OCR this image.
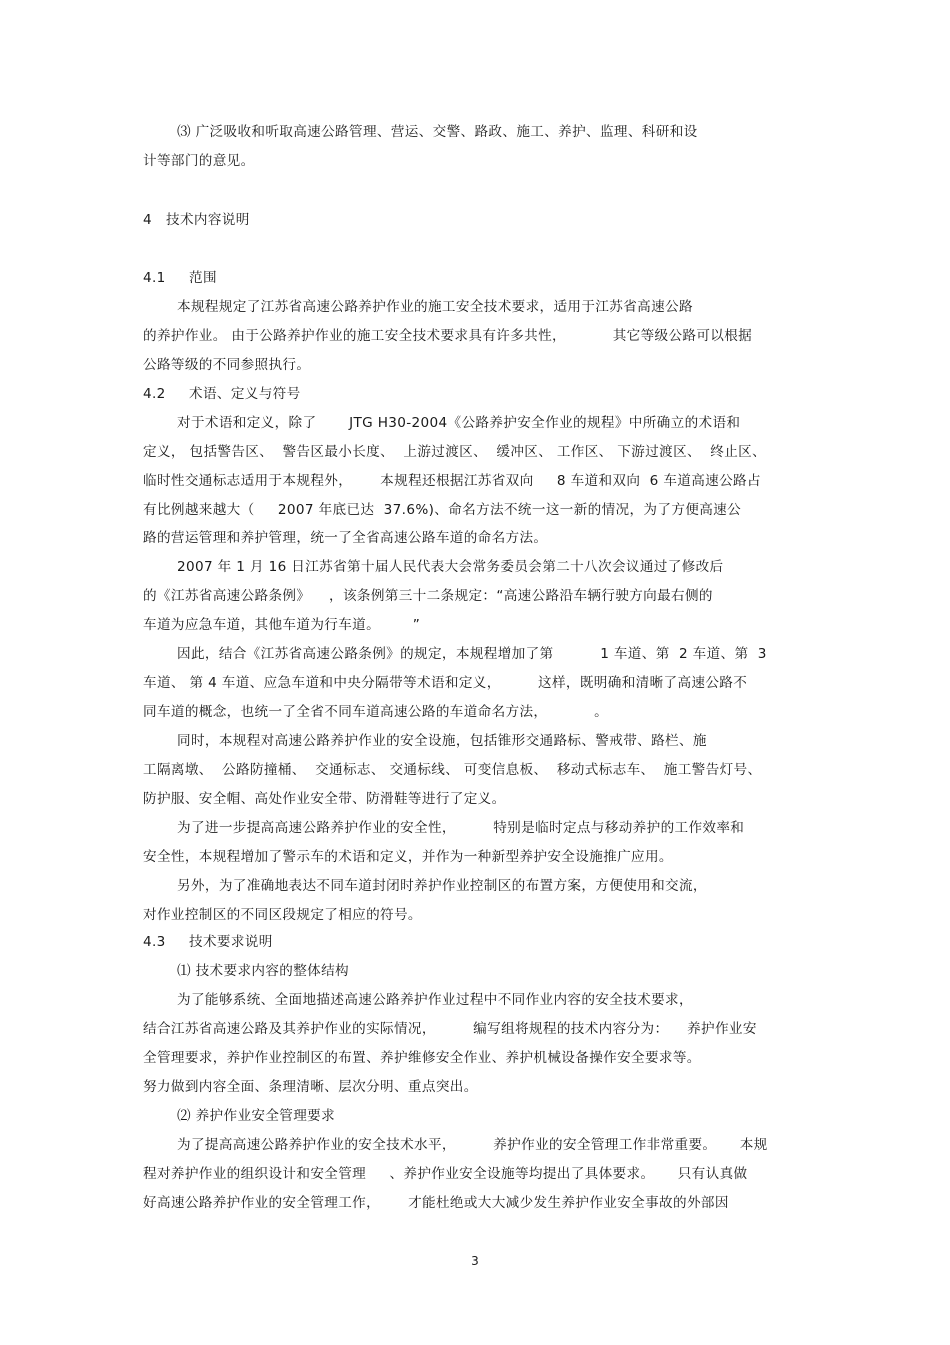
⑶ 广泛吸收和听取高速公路管理、营运、交警、路政、施工、养护、监理、科研和设
计等部门的意见。
4   技术内容说明
4.1     范围
本规程规定了江苏省高速公路养护作业的施工安全技术要求，适用于江苏省高速公路
的养护作业。 由于公路养护作业的施工安全技术要求具有许多共性，          其它等级公路可以根据
公路等级的不同参照执行。
4.2     术语、定义与符号
对于术语和定义，除了       JTG H30-2004《公路养护安全作业的规程》中所确立的术语和
定义， 包括警告区、  警告区最小长度、  上游过渡区、  缓冲区、 工作区、 下游过渡区、  终止区、
临时性交通标志适用于本规程外，      本规程还根据江苏省双向     8 车道和双向  6 车道高速公路占
有比例越来越大（     2007 年底已达  37.6%)、命名方法不统一这一新的情况，为了方便高速公
路的营运管理和养护管理，统一了全省高速公路车道的命名方法。
2007 年 1 月 16 日江苏省第十届人民代表大会常务委员会第二十八次会议通过了修改后
的《江苏省高速公路条例》    ，该条例第三十二条规定：“高速公路沿车辆行驶方向最右侧的
车道为应急车道，其他车道为行车道。       ”
因此，结合《江苏省高速公路条例》的规定，本规程增加了第          1 车道、第  2 车道、第  3
车道、 第 4 车道、应急车道和中央分隔带等术语和定义，        这样，既明确和清晰了高速公路不
同车道的概念，也统一了全省不同车道高速公路的车道命名方法，          。
同时，本规程对高速公路养护作业的安全设施，包括锥形交通路标、警戒带、路栏、施
工隔离墩、  公路防撞桶、  交通标志、 交通标线、 可变信息板、  移动式标志车、  施工警告灯号、
防护服、安全帽、高处作业安全带、防滑鞋等进行了定义。
为了进一步提高高速公路养护作业的安全性，        特别是临时定点与移动养护的工作效率和
安全性，本规程增加了警示车的术语和定义，并作为一种新型养护安全设施推广应用。
另外，为了准确地表达不同车道封闭时养护作业控制区的布置方案，方便使用和交流，
对作业控制区的不同区段规定了相应的符号。
4.3     技术要求说明
⑴ 技术要求内容的整体结构
为了能够系统、全面地描述高速公路养护作业过程中不同作业内容的安全技术要求，
结合江苏省高速公路及其养护作业的实际情况，        编写组将规程的技术内容分为：    养护作业安
全管理要求，养护作业控制区的布置、养护维修安全作业、养护机械设备操作安全要求等。
努力做到内容全面、条理清晰、层次分明、重点突出。
⑵ 养护作业安全管理要求
为了提高高速公路养护作业的安全技术水平，        养护作业的安全管理工作非常重要。     本规
程对养护作业的组织设计和安全管理     、养护作业安全设施等均提出了具体要求。     只有认真做
好高速公路养护作业的安全管理工作，      才能杜绝或大大减少发生养护作业安全事故的外部因
3
